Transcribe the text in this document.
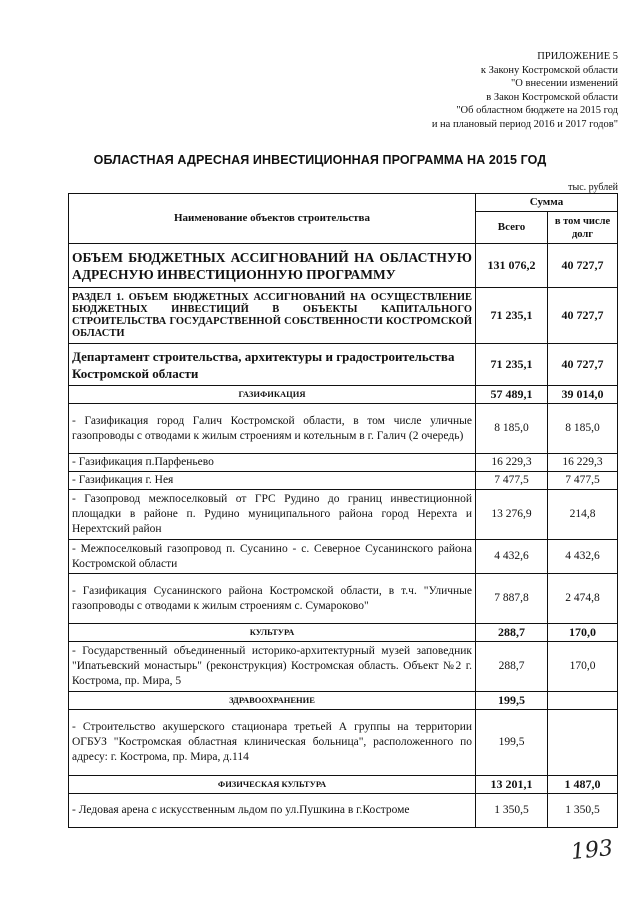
ПРИЛОЖЕНИЕ 5
к Закону Костромской области
"О внесении изменений
в Закон Костромской области
"Об областном бюджете на 2015 год
и на плановый период 2016 и 2017 годов"
ОБЛАСТНАЯ АДРЕСНАЯ ИНВЕСТИЦИОННАЯ ПРОГРАММА НА 2015 ГОД
тыс. рублей
Наименование объектов строительства	Сумма	
	Всего	в том числе долг
ОБЪЕМ БЮДЖЕТНЫХ АССИГНОВАНИЙ НА ОБЛАСТНУЮ АДРЕСНУЮ ИНВЕСТИЦИОННУЮ ПРОГРАММУ	131 076,2	40 727,7
РАЗДЕЛ 1. ОБЪЕМ БЮДЖЕТНЫХ АССИГНОВАНИЙ НА ОСУЩЕСТВЛЕНИЕ БЮДЖЕТНЫХ ИНВЕСТИЦИЙ В ОБЪЕКТЫ КАПИТАЛЬНОГО СТРОИТЕЛЬСТВА ГОСУДАРСТВЕННОЙ СОБСТВЕННОСТИ КОСТРОМСКОЙ ОБЛАСТИ	71 235,1	40 727,7
Департамент строительства, архитектуры и градостроительства Костромской области	71 235,1	40 727,7
ГАЗИФИКАЦИЯ	57 489,1	39 014,0
- Газификация город Галич Костромской области, в том числе уличные газопроводы с отводами к жилым строениям и котельным в г. Галич (2 очередь)	8 185,0	8 185,0
- Газификация п.Парфеньево	16 229,3	16 229,3
- Газификация г. Нея	7 477,5	7 477,5
- Газопровод межпоселковый от ГРС Рудино до границ инвестиционной площадки в районе п. Рудино муниципального района город Нерехта и Нерехтский район	13 276,9	214,8
- Межпоселковый газопровод п. Сусанино - с. Северное Сусанинского района Костромской области	4 432,6	4 432,6
- Газификация Сусанинского района Костромской области, в т.ч. "Уличные газопроводы с отводами к жилым строениям с. Сумароково"	7 887,8	2 474,8
КУЛЬТУРА	288,7	170,0
- Государственный объединенный историко-архитектурный музей заповедник "Ипатьевский монастырь" (реконструкция) Костромская область. Объект №2 г. Кострома, пр. Мира, 5	288,7	170,0
ЗДРАВООХРАНЕНИЕ	199,5	
- Строительство акушерского стационара третьей А группы на территории ОГБУЗ "Костромская областная клиническая больница", расположенного по адресу: г. Кострома, пр. Мира, д.114	199,5	
ФИЗИЧЕСКАЯ КУЛЬТУРА	13 201,1	1 487,0
- Ледовая арена с искусственным льдом по ул.Пушкина в г.Костроме	1 350,5	1 350,5
193
